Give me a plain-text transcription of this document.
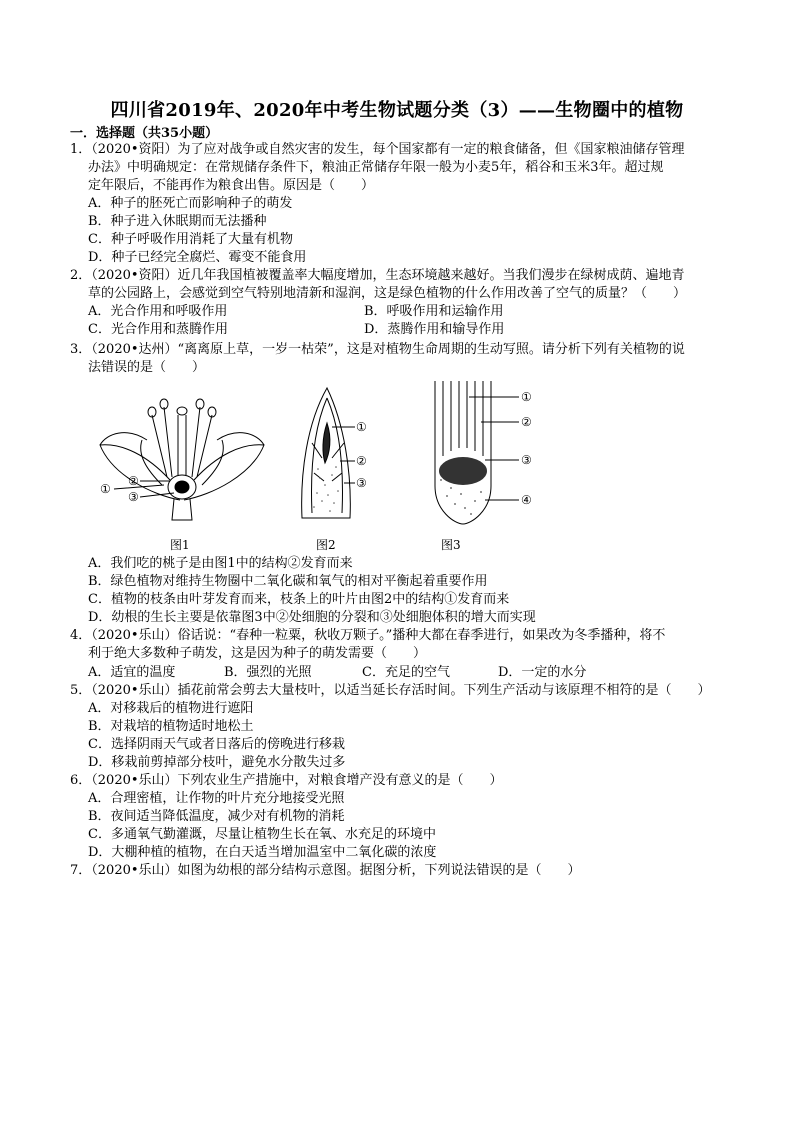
四川省2019年、2020年中考生物试题分类（3）——生物圈中的植物
一．选择题（共35小题）
1．（2020•资阳）为了应对战争或自然灾害的发生，每个国家都有一定的粮食储备，但《国家粮油储存管理
办法》中明确规定：在常规储存条件下，粮油正常储存年限一般为小麦5年，稻谷和玉米3年。超过规
定年限后，不能再作为粮食出售。原因是（　　）
A．种子的胚死亡而影响种子的萌发
B．种子进入休眠期而无法播种
C．种子呼吸作用消耗了大量有机物
D．种子已经完全腐烂、霉变不能食用
2．（2020•资阳）近几年我国植被覆盖率大幅度增加，生态环境越来越好。当我们漫步在绿树成荫、遍地青
草的公园路上，会感觉到空气特别地清新和湿润，这是绿色植物的什么作用改善了空气的质量？（　　）
A．光合作用和呼吸作用	B．呼吸作用和运输作用
C．光合作用和蒸腾作用	D．蒸腾作用和输导作用
3．（2020•达州）“离离原上草，一岁一枯荣”，这是对植物生命周期的生动写照。请分析下列有关植物的说
法错误的是（　　）
①
②
③
①
②
③
①
②
③
④
图1	图2	图3
A．我们吃的桃子是由图1中的结构②发育而来
B．绿色植物对维持生物圈中二氧化碳和氧气的相对平衡起着重要作用
C．植物的枝条由叶芽发育而来，枝条上的叶片由图2中的结构①发育而来
D．幼根的生长主要是依靠图3中②处细胞的分裂和③处细胞体积的增大而实现
4．（2020•乐山）俗话说：“春种一粒粟，秋收万颗子。”播种大都在春季进行，如果改为冬季播种，将不
利于绝大多数种子萌发，这是因为种子的萌发需要（　　）
A．适宜的温度	B．强烈的光照	C．充足的空气	D．一定的水分
5．（2020•乐山）插花前常会剪去大量枝叶，以适当延长存活时间。下列生产活动与该原理不相符的是（　　）
A．对移栽后的植物进行遮阳
B．对栽培的植物适时地松土
C．选择阴雨天气或者日落后的傍晚进行移栽
D．移栽前剪掉部分枝叶，避免水分散失过多
6．（2020•乐山）下列农业生产措施中，对粮食增产没有意义的是（　　）
A．合理密植，让作物的叶片充分地接受光照
B．夜间适当降低温度，减少对有机物的消耗
C．多通氧气勤灌溉，尽量让植物生长在氧、水充足的环境中
D．大棚种植的植物，在白天适当增加温室中二氧化碳的浓度
7．（2020•乐山）如图为幼根的部分结构示意图。据图分析，下列说法错误的是（　　）
